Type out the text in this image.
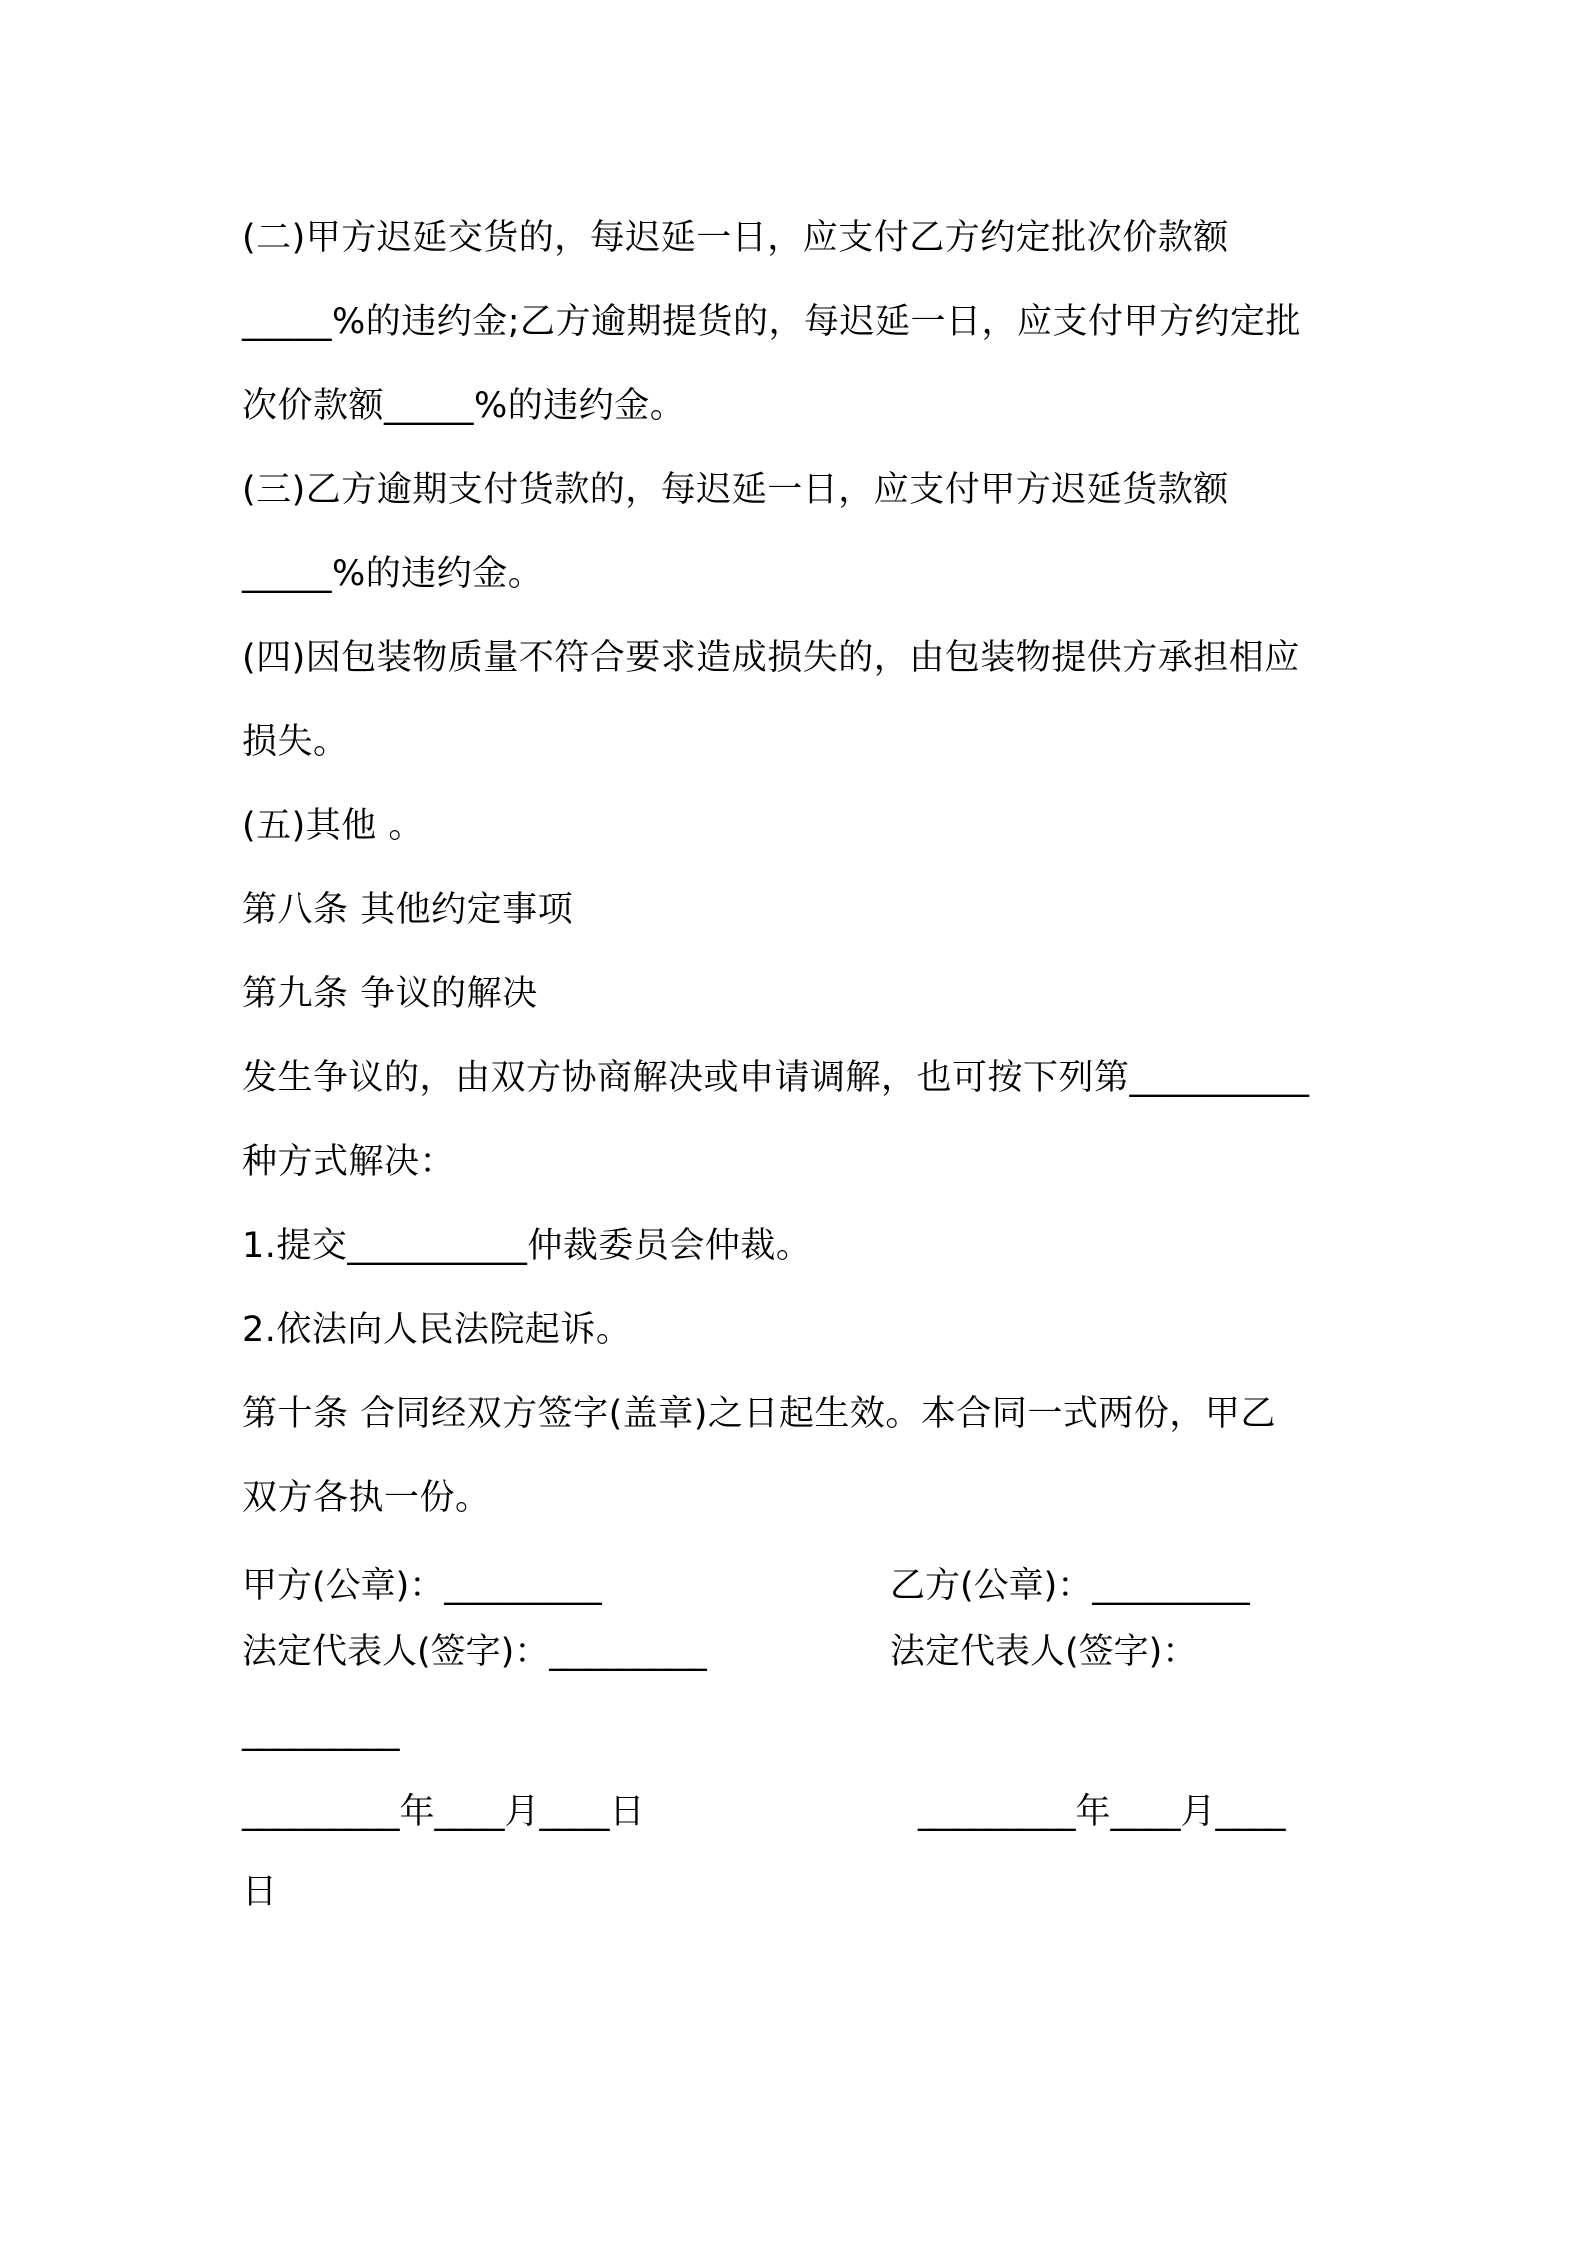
(二)甲方迟延交货的，每迟延一日，应支付乙方约定批次价款额
_____%的违约金;乙方逾期提货的，每迟延一日，应支付甲方约定批
次价款额_____%的违约金。
(三)乙方逾期支付货款的，每迟延一日，应支付甲方迟延货款额
_____%的违约金。
(四)因包装物质量不符合要求造成损失的，由包装物提供方承担相应
损失。
(五)其他 。
第八条 其他约定事项
第九条 争议的解决
发生争议的，由双方协商解决或申请调解，也可按下列第__________
种方式解决：
1.提交__________仲裁委员会仲裁。
2.依法向人民法院起诉。
第十条 合同经双方签字(盖章)之日起生效。本合同一式两份，甲乙
双方各执一份。
甲方(公章)：_________	乙方(公章)：_________
法定代表人(签字)：_________	法定代表人(签字)：
_________
_________年____月____日	_________年____月____
日
